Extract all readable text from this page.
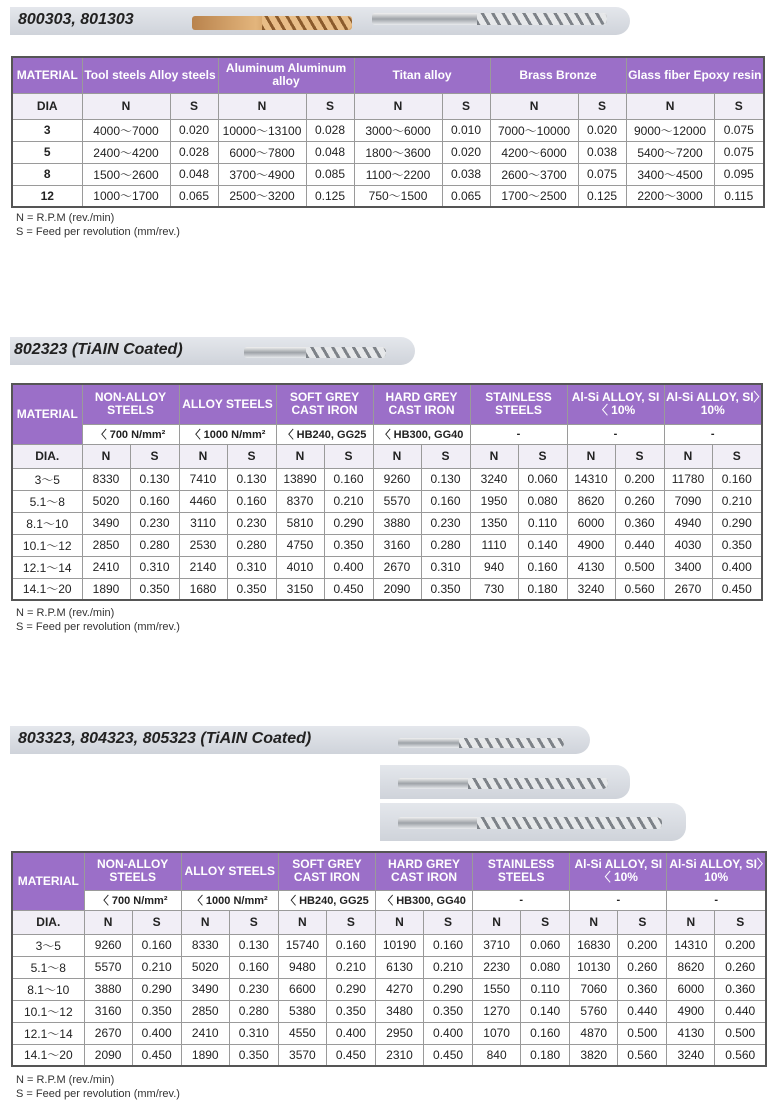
800303, 801303
MATERIAL	Tool steels Alloy steels		Aluminum Aluminum alloy		Titan alloy		Brass Bronze		Glass fiber Epoxy resin	
DIA	N	S	N	S	N	S	N	S	N	S
3	4000～7000	0.020	10000～13100	0.028	3000～6000	0.010	7000～10000	0.020	9000～12000	0.075
5	2400～4200	0.028	6000～7800	0.048	1800～3600	0.020	4200～6000	0.038	5400～7200	0.075
8	1500～2600	0.048	3700～4900	0.085	1100～2200	0.038	2600～3700	0.075	3400～4500	0.095
12	1000～1700	0.065	2500～3200	0.125	750～1500	0.065	1700～2500	0.125	2200～3000	0.115
N = R.P.M (rev./min)
S = Feed per revolution (mm/rev.)
802323 (TiAIN Coated)
MATERIAL	NON-ALLOY STEELS		ALLOY STEELS		SOFT GREY CAST IRON		HARD GREY CAST IRON		STAINLESS STEELS		Al-Si ALLOY, SI〈 10%		Al-Si ALLOY, SI〉10%	
	〈 700 N/mm²		〈 1000 N/mm²		〈 HB240, GG25		〈 HB300, GG40		-		-		-	
DIA.	N	S	N	S	N	S	N	S	N	S	N	S	N	S
3～5	8330	0.130	7410	0.130	13890	0.160	9260	0.130	3240	0.060	14310	0.200	11780	0.160
5.1～8	5020	0.160	4460	0.160	8370	0.210	5570	0.160	1950	0.080	8620	0.260	7090	0.210
8.1～10	3490	0.230	3110	0.230	5810	0.290	3880	0.230	1350	0.110	6000	0.360	4940	0.290
10.1～12	2850	0.280	2530	0.280	4750	0.350	3160	0.280	1110	0.140	4900	0.440	4030	0.350
12.1～14	2410	0.310	2140	0.310	4010	0.400	2670	0.310	940	0.160	4130	0.500	3400	0.400
14.1～20	1890	0.350	1680	0.350	3150	0.450	2090	0.350	730	0.180	3240	0.560	2670	0.450
N = R.P.M (rev./min)
S = Feed per revolution (mm/rev.)
803323, 804323, 805323 (TiAIN Coated)
MATERIAL	NON-ALLOY STEELS		ALLOY STEELS		SOFT GREY CAST IRON		HARD GREY CAST IRON		STAINLESS STEELS		Al-Si ALLOY, SI〈 10%		Al-Si ALLOY, SI〉10%	
	〈 700 N/mm²		〈 1000 N/mm²		〈 HB240, GG25		〈 HB300, GG40		-		-		-	
DIA.	N	S	N	S	N	S	N	S	N	S	N	S	N	S
3～5	9260	0.160	8330	0.130	15740	0.160	10190	0.160	3710	0.060	16830	0.200	14310	0.200
5.1～8	5570	0.210	5020	0.160	9480	0.210	6130	0.210	2230	0.080	10130	0.260	8620	0.260
8.1～10	3880	0.290	3490	0.230	6600	0.290	4270	0.290	1550	0.110	7060	0.360	6000	0.360
10.1～12	3160	0.350	2850	0.280	5380	0.350	3480	0.350	1270	0.140	5760	0.440	4900	0.440
12.1～14	2670	0.400	2410	0.310	4550	0.400	2950	0.400	1070	0.160	4870	0.500	4130	0.500
14.1～20	2090	0.450	1890	0.350	3570	0.450	2310	0.450	840	0.180	3820	0.560	3240	0.560
N = R.P.M (rev./min)
S = Feed per revolution (mm/rev.)
